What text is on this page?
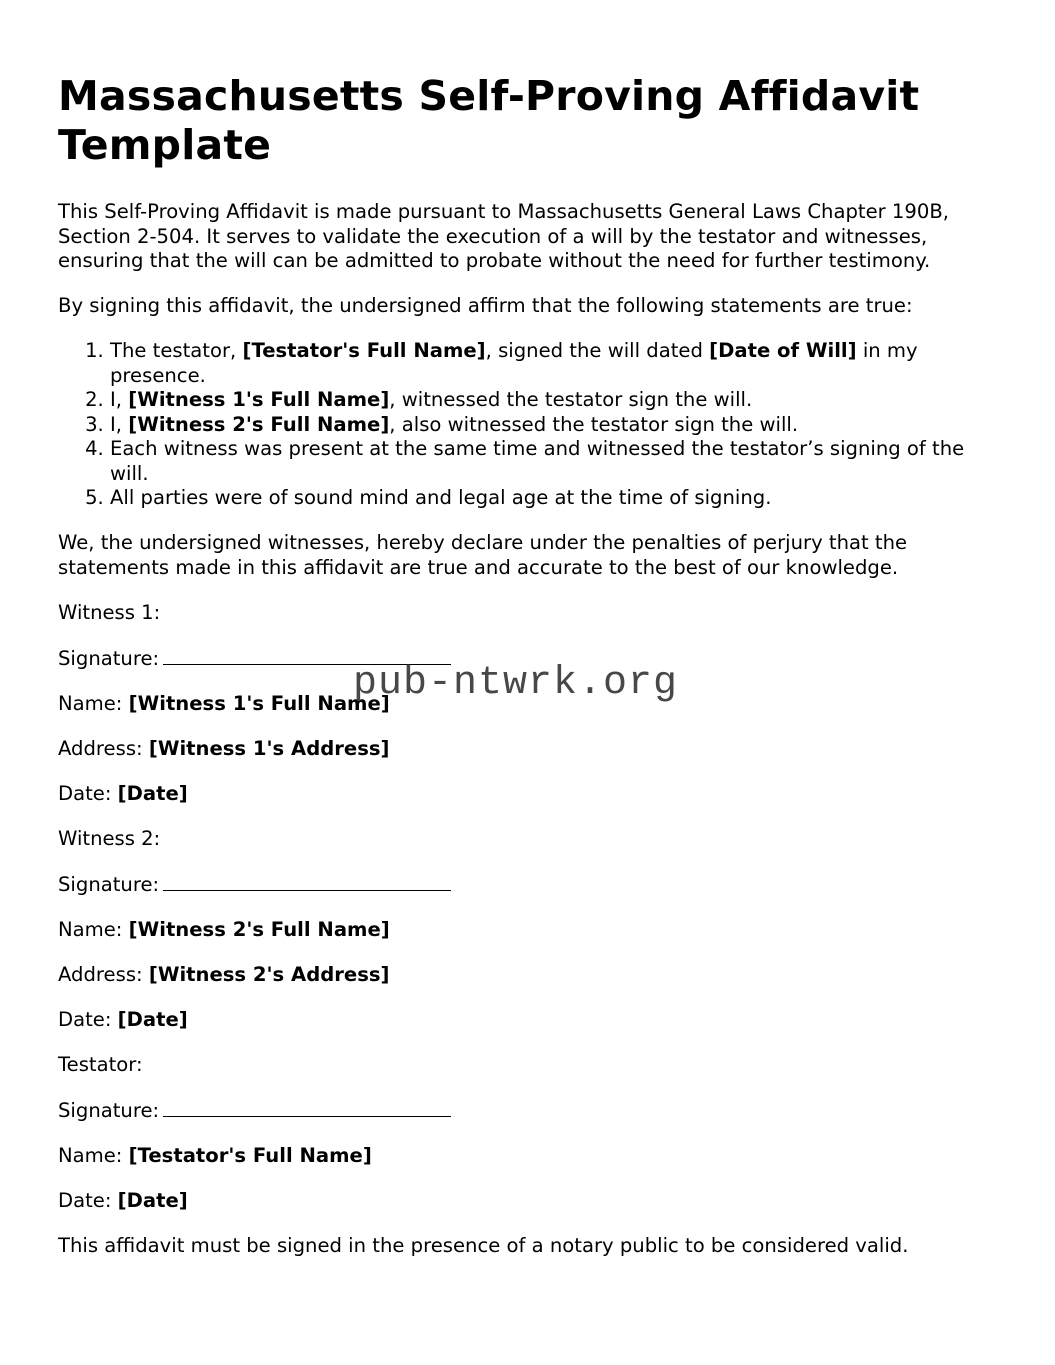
Massachusetts Self-Proving Affidavit Template

This Self-Proving Affidavit is made pursuant to Massachusetts General Laws Chapter 190B, Section 2-504. It serves to validate the execution of a will by the testator and witnesses, ensuring that the will can be admitted to probate without the need for further testimony.

By signing this affidavit, the undersigned affirm that the following statements are true:

1. The testator, [Testator's Full Name], signed the will dated [Date of Will] in my presence.
2. I, [Witness 1's Full Name], witnessed the testator sign the will.
3. I, [Witness 2's Full Name], also witnessed the testator sign the will.
4. Each witness was present at the same time and witnessed the testator’s signing of the will.
5. All parties were of sound mind and legal age at the time of signing.

We, the undersigned witnesses, hereby declare under the penalties of perjury that the statements made in this affidavit are true and accurate to the best of our knowledge.

Witness 1:

Signature:

Name: [Witness 1's Full Name]

Address: [Witness 1's Address]

Date: [Date]

Witness 2:

Signature:

Name: [Witness 2's Full Name]

Address: [Witness 2's Address]

Date: [Date]

Testator:

Signature:

Name: [Testator's Full Name]

Date: [Date]

This affidavit must be signed in the presence of a notary public to be considered valid.

pub-ntwrk.org
